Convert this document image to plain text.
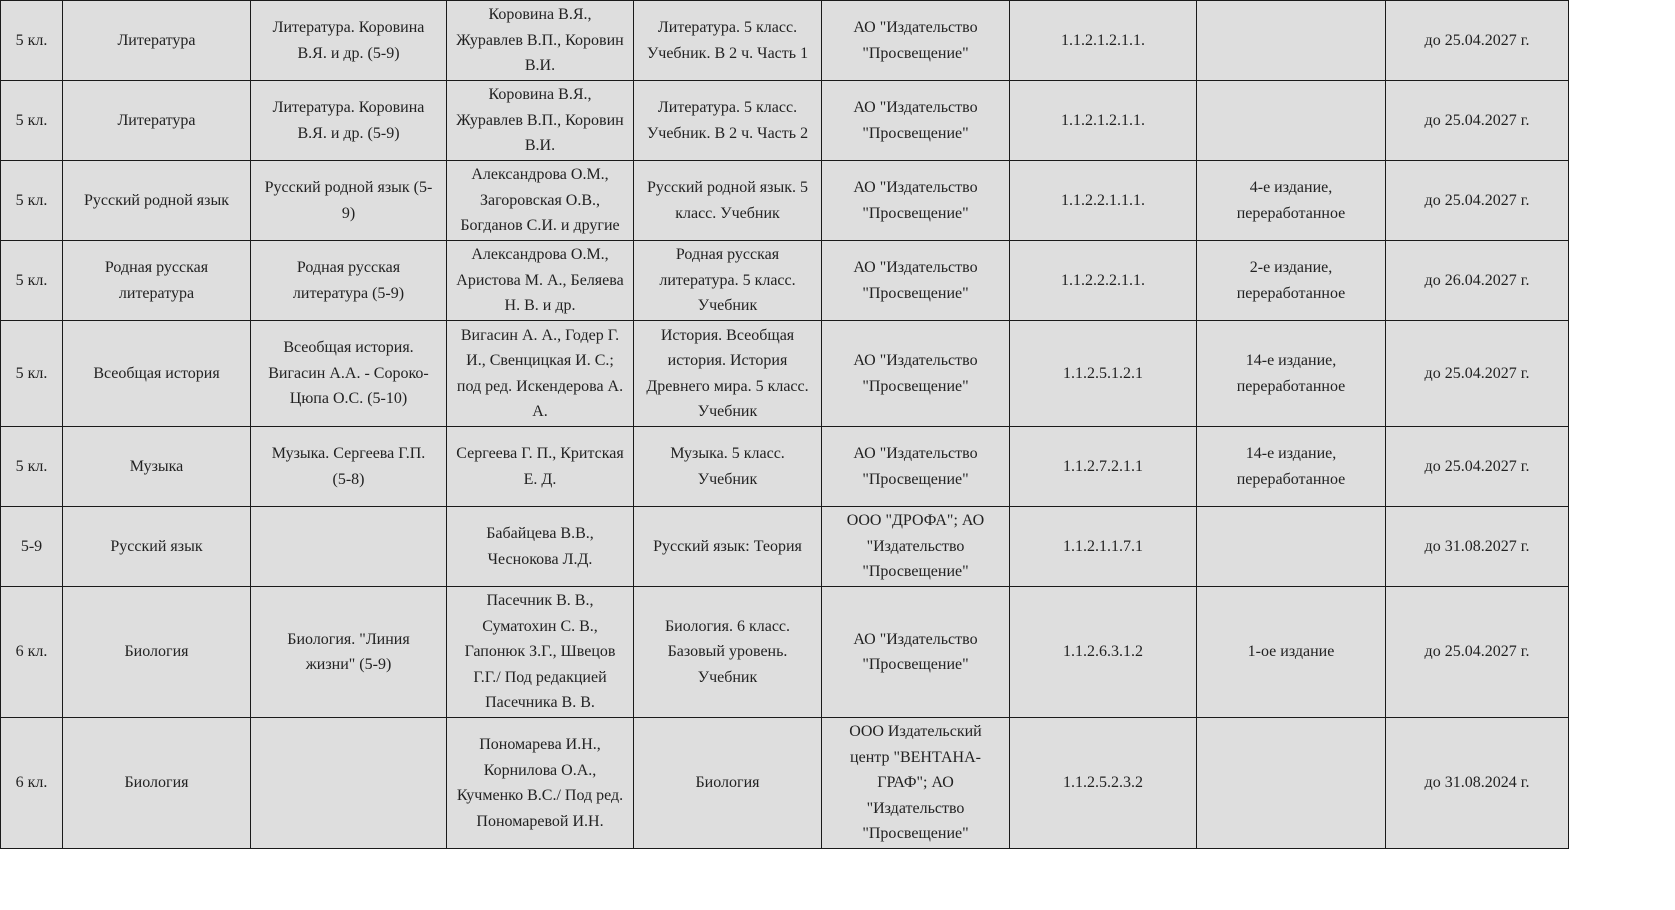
5 кл.	Литература	Литература. Коровина
В.Я. и др. (5-9)	Коровина В.Я.,
Журавлев В.П., Коровин
В.И.	Литература. 5 класс.
Учебник. В 2 ч. Часть 1	АО "Издательство
"Просвещение"	1.1.2.1.2.1.1.		до 25.04.2027 г.

5 кл.	Литература	Литература. Коровина
В.Я. и др. (5-9)	Коровина В.Я.,
Журавлев В.П., Коровин
В.И.	Литература. 5 класс.
Учебник. В 2 ч. Часть 2	АО "Издательство
"Просвещение"	1.1.2.1.2.1.1.		до 25.04.2027 г.

5 кл.	Русский родной язык	Русский родной язык (5-
9)	Александрова О.М.,
Загоровская О.В.,
Богданов С.И. и другие	Русский родной язык. 5
класс. Учебник	АО "Издательство
"Просвещение"	1.1.2.2.1.1.1.	4-е издание,
переработанное	до 25.04.2027 г.

5 кл.	Родная русская
литература	Родная русская
литература (5-9)	Александрова О.М.,
Аристова М. А., Беляева
Н. В. и др.	Родная русская
литература. 5 класс.
Учебник	АО "Издательство
"Просвещение"	1.1.2.2.2.1.1.	2-е издание,
переработанное	до 26.04.2027 г.

5 кл.	Всеобщая история	Всеобщая история.
Вигасин А.А. - Сороко-
Цюпа О.С. (5-10)	Вигасин А. А., Годер Г.
И., Свенцицкая И. С.;
под ред. Искендерова А.
А.	История. Всеобщая
история. История
Древнего мира. 5 класс.
Учебник	АО "Издательство
"Просвещение"	1.1.2.5.1.2.1	14-е издание,
переработанное	до 25.04.2027 г.

5 кл.	Музыка	Музыка. Сергеева Г.П.
(5-8)	Сергеева Г. П., Критская
Е. Д.	Музыка. 5 класс.
Учебник	АО "Издательство
"Просвещение"	1.1.2.7.2.1.1	14-е издание,
переработанное	до 25.04.2027 г.

5-9	Русский язык		Бабайцева В.В.,
Чеснокова Л.Д.	Русский язык: Теория	ООО "ДРОФА"; АО
"Издательство
"Просвещение"	1.1.2.1.1.7.1		до 31.08.2027 г.

6 кл.	Биология	Биология. "Линия
жизни" (5-9)	Пасечник В. В.,
Суматохин С. В.,
Гапонюк З.Г., Швецов
Г.Г./ Под редакцией
Пасечника В. В.	Биология. 6 класс.
Базовый уровень.
Учебник	АО "Издательство
"Просвещение"	1.1.2.6.3.1.2	1-ое издание	до 25.04.2027 г.

6 кл.	Биология		Пономарева И.Н.,
Корнилова О.А.,
Кучменко В.С./ Под ред.
Пономаревой И.Н.	Биология	ООО Издательский
центр "ВЕНТАНА-
ГРАФ"; АО
"Издательство
"Просвещение"	1.1.2.5.2.3.2		до 31.08.2024 г.
